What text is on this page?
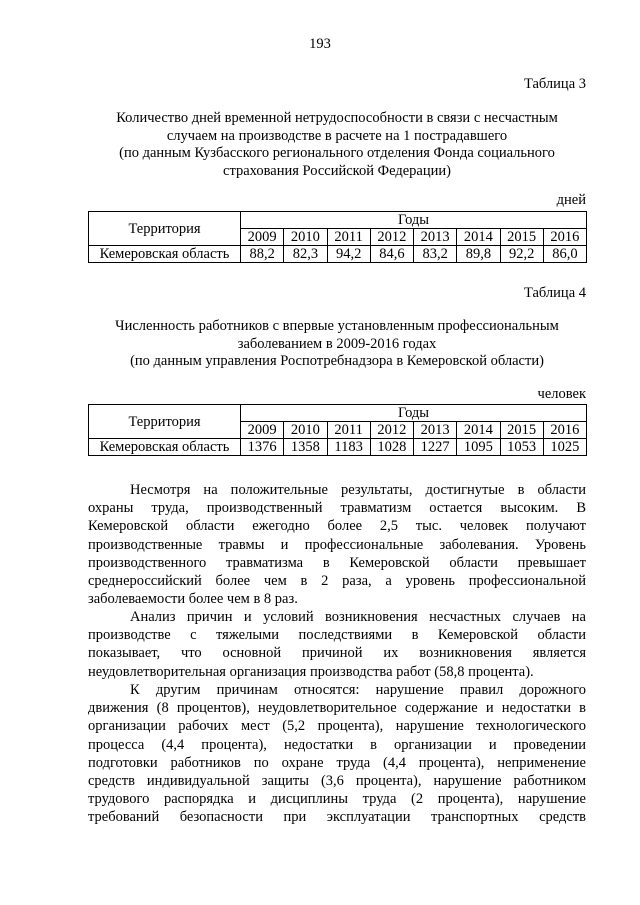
193
Таблица 3
Количество дней временной нетрудоспособности в связи с несчастным
случаем на производстве в расчете на 1 пострадавшего
(по данным Кузбасского регионального отделения Фонда социального
страхования Российской Федерации)
дней
Территория	Годы							
	2009	2010	2011	2012	2013	2014	2015	2016
Кемеровская область	88,2	82,3	94,2	84,6	83,2	89,8	92,2	86,0
Таблица 4
Численность работников с впервые установленным профессиональным
заболеванием в 2009-2016 годах
(по данным управления Роспотребнадзора в Кемеровской области)
человек
Территория	Годы							
	2009	2010	2011	2012	2013	2014	2015	2016
Кемеровская область	1376	1358	1183	1028	1227	1095	1053	1025
Несмотря на положительные результаты, достигнутые в области
охраны труда, производственный травматизм остается высоким. В
Кемеровской области ежегодно более 2,5 тыс. человек получают
производственные травмы и профессиональные заболевания. Уровень
производственного травматизма в Кемеровской области превышает
среднероссийский более чем в 2 раза, а уровень профессиональной
заболеваемости более чем в 8 раз.
Анализ причин и условий возникновения несчастных случаев на
производстве с тяжелыми последствиями в Кемеровской области
показывает, что основной причиной их возникновения является
неудовлетворительная организация производства работ (58,8 процента).
К другим причинам относятся: нарушение правил дорожного
движения (8 процентов), неудовлетворительное содержание и недостатки в
организации рабочих мест (5,2 процента), нарушение технологического
процесса (4,4 процента), недостатки в организации и проведении
подготовки работников по охране труда (4,4 процента), неприменение
средств индивидуальной защиты (3,6 процента), нарушение работником
трудового распорядка и дисциплины труда (2 процента), нарушение
требований безопасности при эксплуатации транспортных средств
